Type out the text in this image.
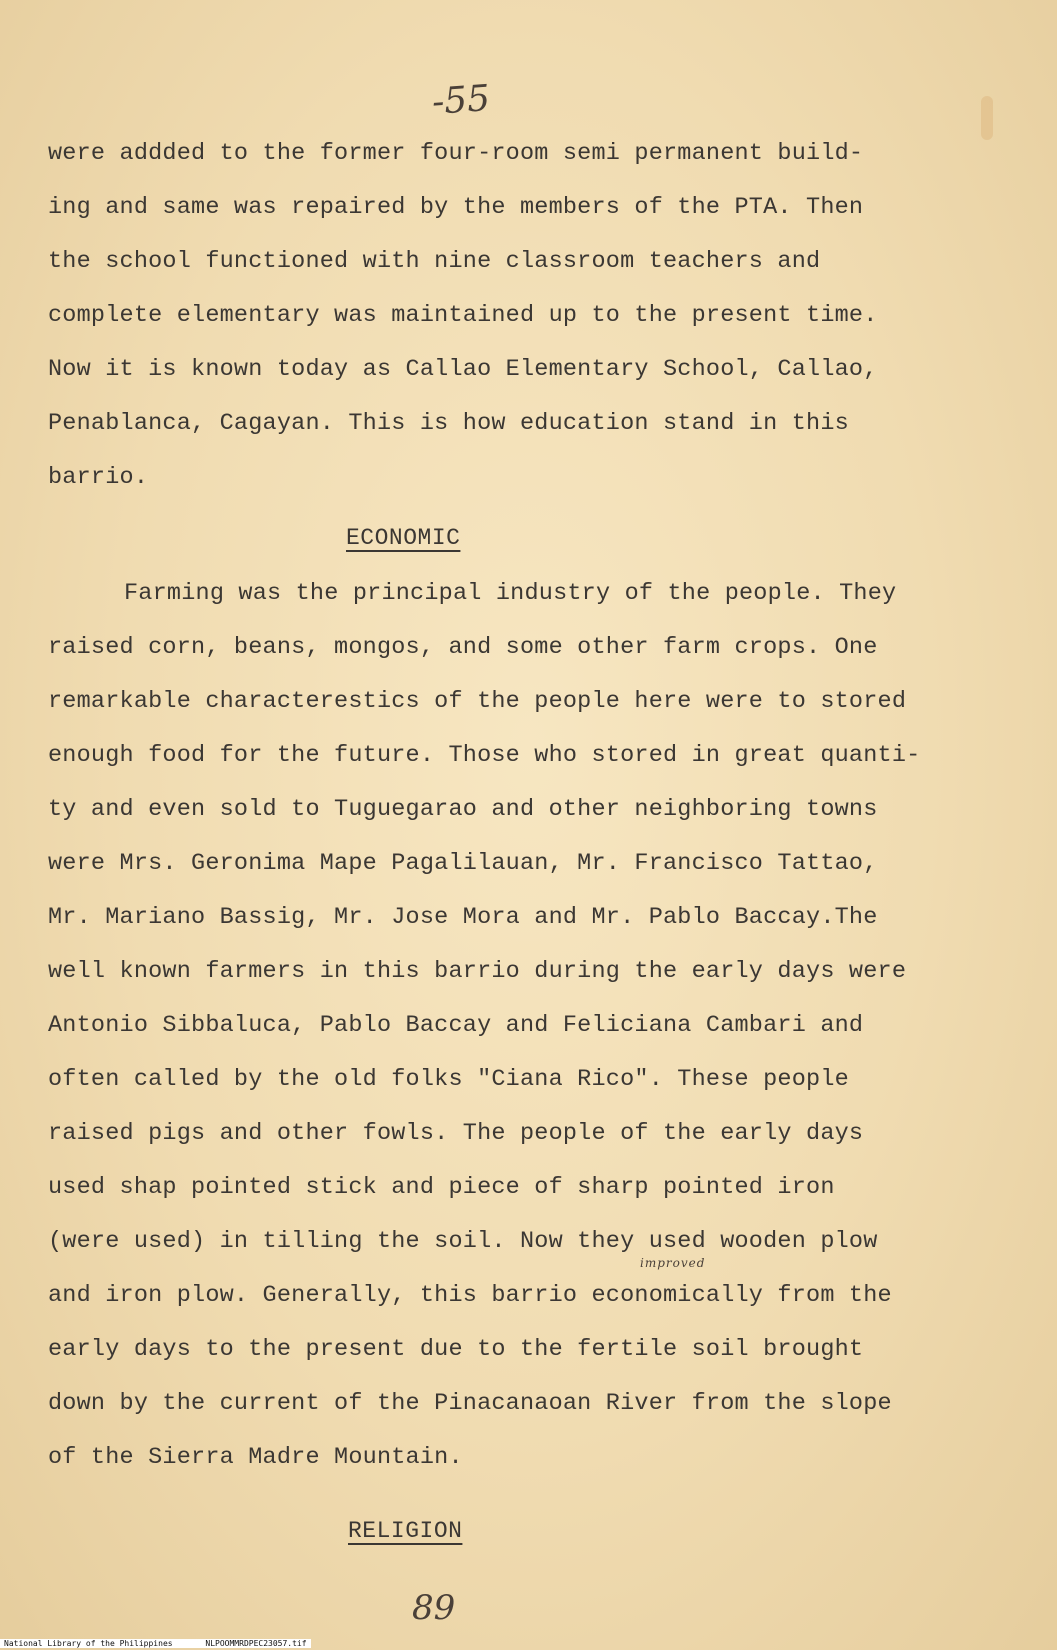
-55
were addded to the former four-room semi permanent build-
ing and same was repaired by the members of the PTA. Then
the school functioned with nine classroom teachers and
complete elementary was maintained up to the present time.
Now it is known today as Callao Elementary School, Callao,
Penablanca, Cagayan. This is how education stand in this
barrio.
ECONOMIC
Farming was the principal industry of the people. They
raised corn, beans, mongos, and some other farm crops. One
remarkable characterestics of the people here were to stored
enough food for the future. Those who stored in great quanti-
ty and even sold to Tuguegarao and other neighboring towns
were Mrs. Geronima Mape Pagalilauan, Mr. Francisco Tattao,
Mr. Mariano Bassig, Mr. Jose Mora and Mr. Pablo Baccay.The
well known farmers in this barrio during the early days were
Antonio Sibbaluca, Pablo Baccay and Feliciana Cambari and
often called by the old folks "Ciana Rico". These people
raised pigs and other fowls. The people of the early days
used shap pointed stick and piece of sharp pointed iron
(were used) in tilling the soil. Now they used wooden plow
and iron plow. Generally, this barrio economically from the
early days to the present due to the fertile soil brought
down by the current of the Pinacanaoan River from the slope
of the Sierra Madre Mountain.
improved
RELIGION
89
National Library of the Philippines	NLPOOMMRDPEC23057.tif
